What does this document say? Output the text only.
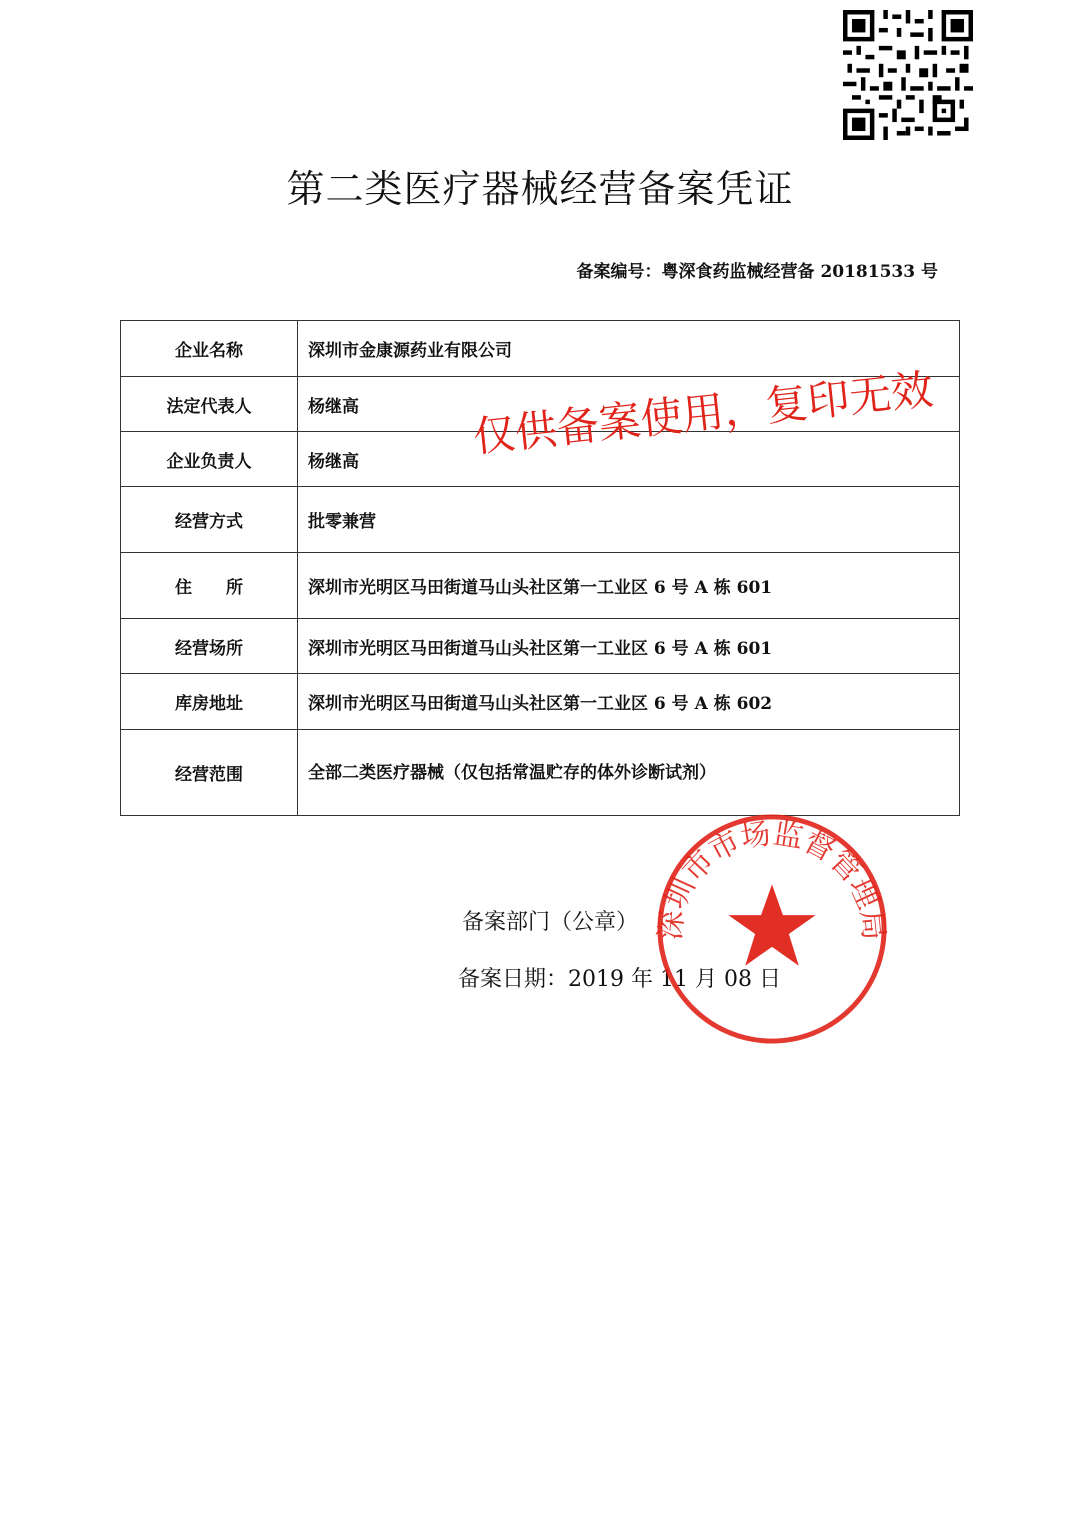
第二类医疗器械经营备案凭证
备案编号：粤深食药监械经营备 20181533 号
企业名称	深圳市金康源药业有限公司
法定代表人	杨继高
企业负责人	杨继高
经营方式	批零兼营
住　　所	深圳市光明区马田街道马山头社区第一工业区 6 号 A 栋 601
经营场所	深圳市光明区马田街道马山头社区第一工业区 6 号 A 栋 601
库房地址	深圳市光明区马田街道马山头社区第一工业区 6 号 A 栋 602
经营范围	全部二类医疗器械（仅包括常温贮存的体外诊断试剂）
仅供备案使用，复印无效
备案部门（公章）
备案日期：2019 年 11 月 08 日
深圳市市场监督管理局
